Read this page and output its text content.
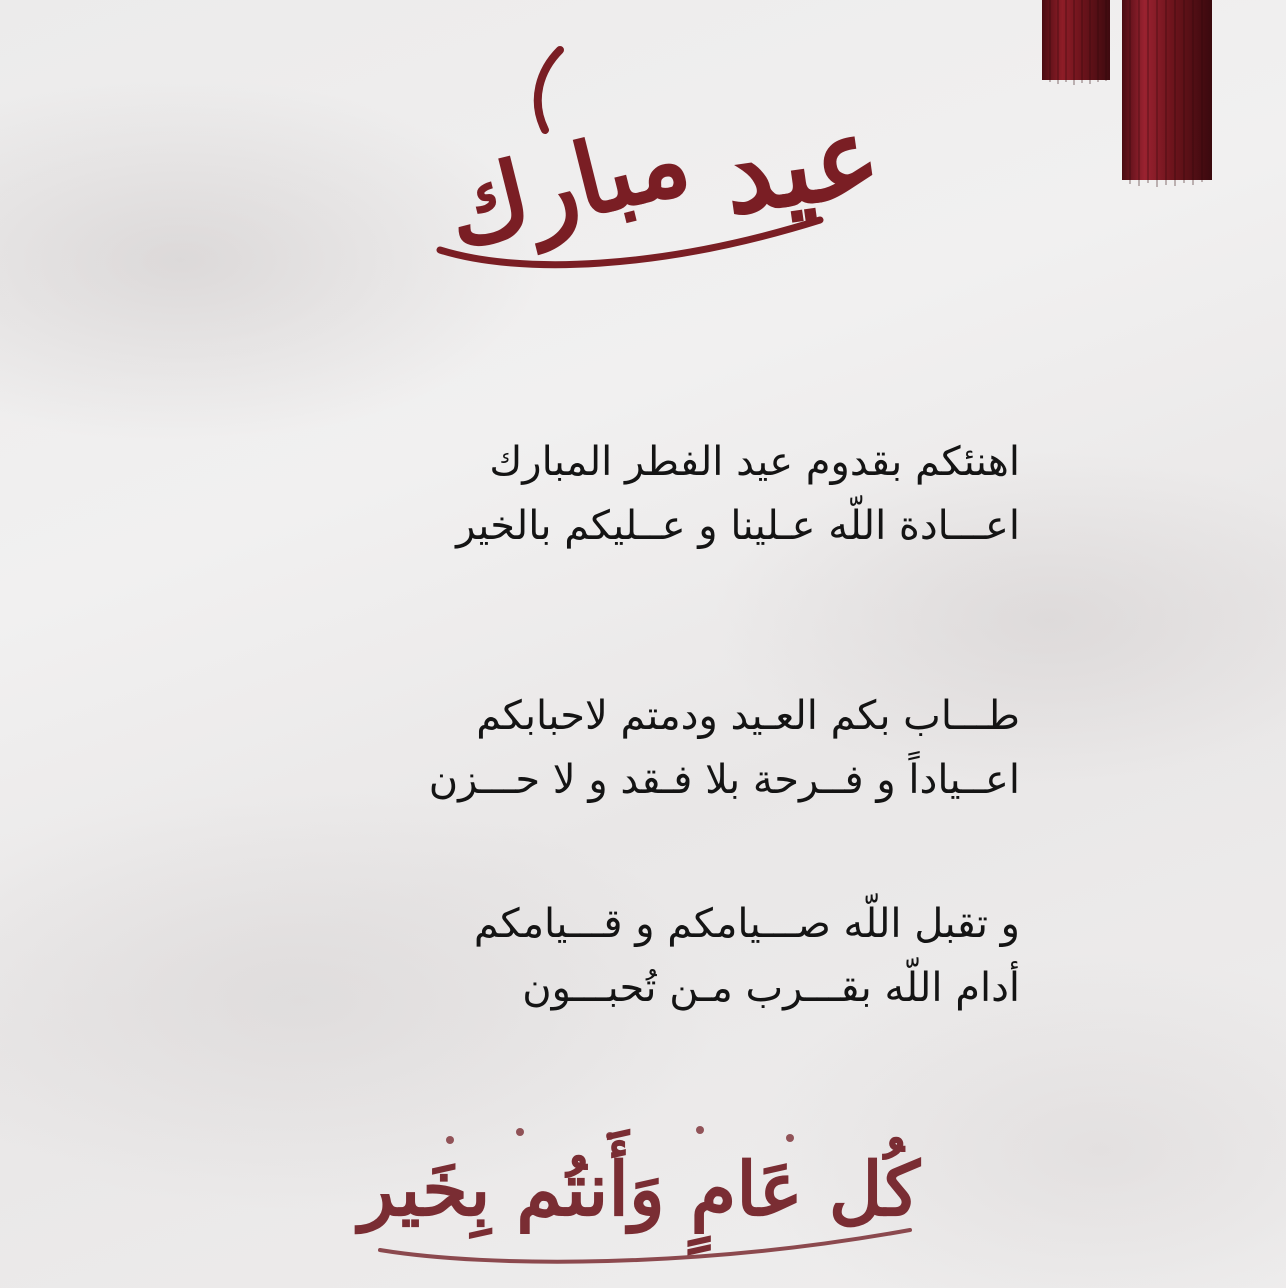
مبارك عيد
اهنئكم بقدوم عيد الفطر المبارك
اعـــادة اللّه عـلينا و عــليكم بالخير
طـــاب بكم العـيد ودمتم لاحبابكم
اعــياداً و فــرحة بلا فـقد و لا حـــزن
و تقبل اللّه صـــيامكم و قـــيامكم
أدام اللّه بقـــرب مـن تُحبـــون
كُل عَامٍ وَأَنتُم بِخَير
